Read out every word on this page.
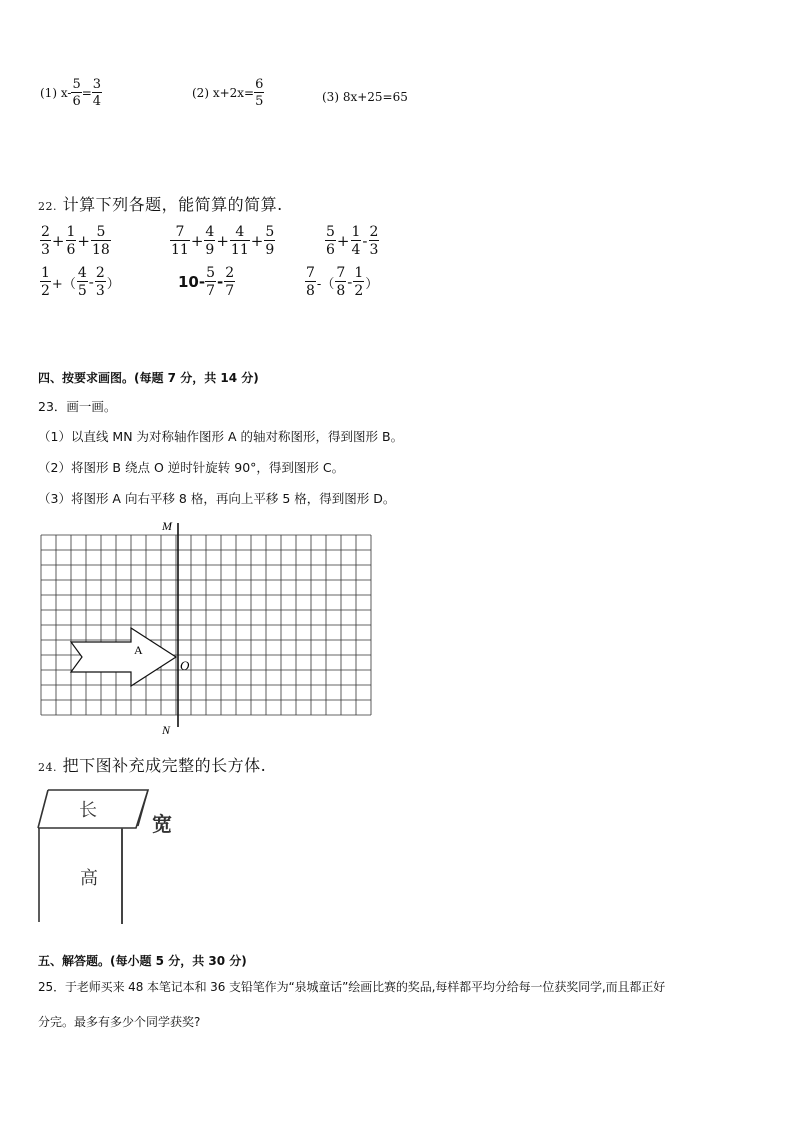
(1)
$x- \frac{5}{6} = \frac{3}{4}$	(2)
$x+2x= \frac{6}{5}$	(3)
8x+25=65
22. 计算下列各题，能简算的简算.
$\frac{2}{3} + \frac{1}{6} + \frac{5}{18}$	$\frac{7}{11} + \frac{4}{9} + \frac{4}{11} + \frac{5}{9}$	$\frac{5}{6} + \frac{1}{4} - \frac{2}{3}$
$\frac{1}{2}$ +（ $\frac{4}{5} - \frac{2}{3}$ ）	$10- \frac{5}{7} - \frac{2}{7}$	$\frac{7}{8}$ -（ $\frac{7}{8} - \frac{1}{2}$ ）
四、按要求画图。(每题 7 分，共 14 分)
23．画一画。
（1）以直线 MN 为对称轴作图形 A 的轴对称图形，得到图形 B。
（2）将图形 B 绕点 O 逆时针旋转 90°，得到图形 C。
（3）将图形 A 向右平移 8 格，再向上平移 5 格，得到图形 D。
M
N
O
A
24. 把下图补充成完整的长方体.
长
宽
高
五、解答题。(每小题 5 分，共 30 分)
25．于老师买来 48 本笔记本和 36 支铅笔作为“泉城童话”绘画比赛的奖品,每样都平均分给每一位获奖同学,而且都正好
分完。最多有多少个同学获奖?
